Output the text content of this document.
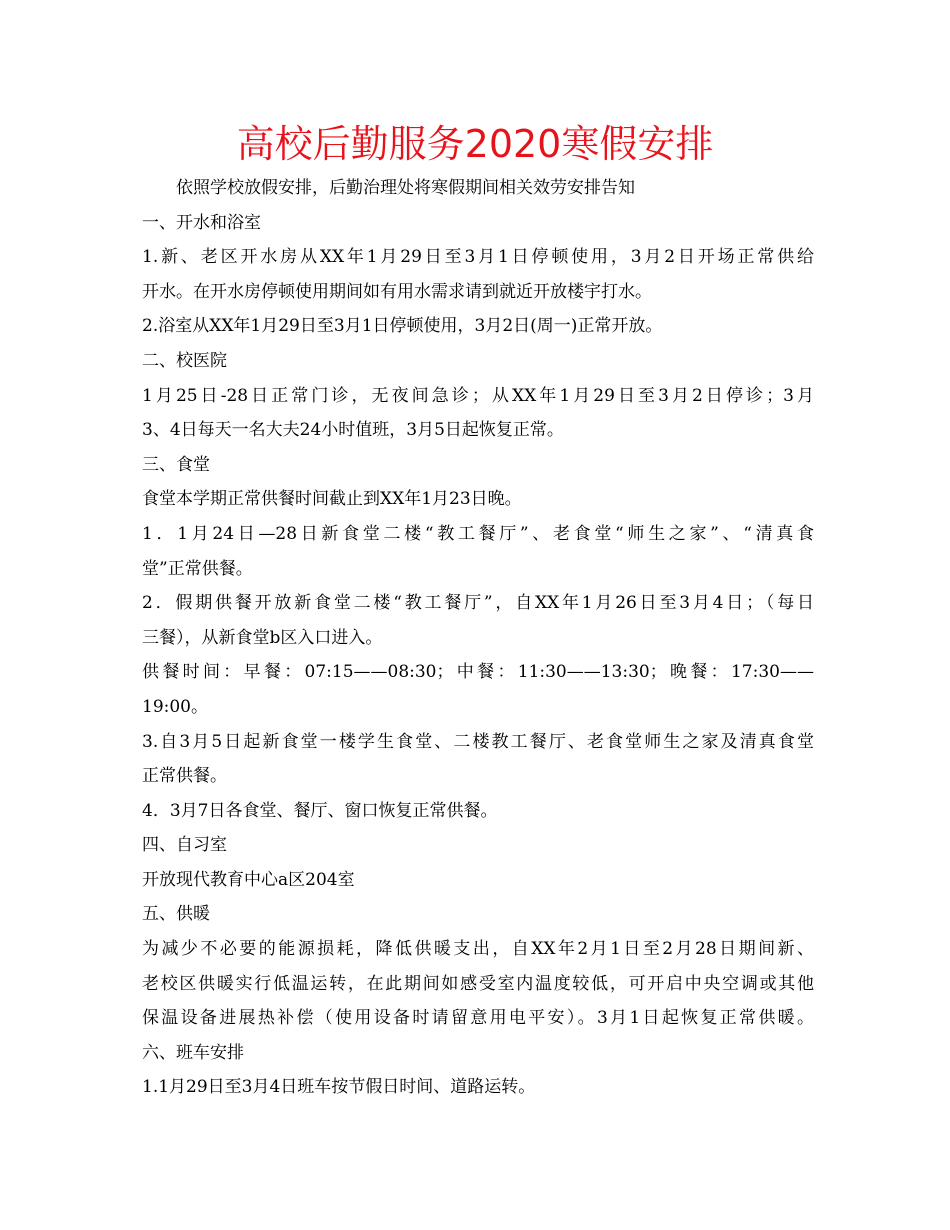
高校后勤服务2020寒假安排
依照学校放假安排，后勤治理处将寒假期间相关效劳安排告知
一、开水和浴室
1.新、老区开水房从XX年1月29日至3月1日停顿使用，3月2日开场正常供给
开水。在开水房停顿使用期间如有用水需求请到就近开放楼宇打水。
2.浴室从XX年1月29日至3月1日停顿使用，3月2日(周一)正常开放。
二、校医院
1月25日-28日正常门诊，无夜间急诊；从XX年1月29日至3月2日停诊；3月
3、4日每天一名大夫24小时值班，3月5日起恢复正常。
三、食堂
食堂本学期正常供餐时间截止到XX年1月23日晚。
1．1月24日—28日新食堂二楼“教工餐厅”、老食堂“师生之家”、“清真食
堂”正常供餐。
2．假期供餐开放新食堂二楼“教工餐厅”，自XX年1月26日至3月4日；（每日
三餐），从新食堂b区入口进入。
供餐时间：早餐：07:15——08:30；中餐：11:30——13:30；晚餐：17:30——
19:00。
3.自3月5日起新食堂一楼学生食堂、二楼教工餐厅、老食堂师生之家及清真食堂
正常供餐。
4．3月7日各食堂、餐厅、窗口恢复正常供餐。
四、自习室
开放现代教育中心a区204室
五、供暖
为减少不必要的能源损耗，降低供暖支出，自XX年2月1日至2月28日期间新、
老校区供暖实行低温运转，在此期间如感受室内温度较低，可开启中央空调或其他
保温设备进展热补偿（使用设备时请留意用电平安）。3月1日起恢复正常供暖。
六、班车安排
1.1月29日至3月4日班车按节假日时间、道路运转。
